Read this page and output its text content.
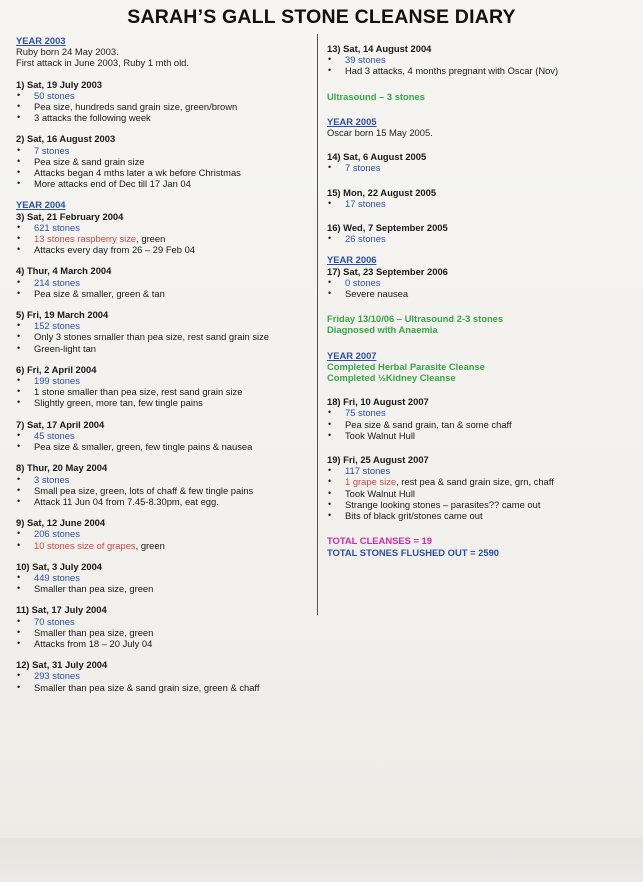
SARAH’S GALL STONE CLEANSE DIARY
YEAR 2003
Ruby born 24 May 2003.
First attack in June 2003, Ruby 1 mth old.
1) Sat, 19 July 2003
• 50 stones
• Pea size, hundreds sand grain size, green/brown
• 3 attacks the following week
2) Sat, 16 August 2003
• 7 stones
• Pea size & sand grain size
• Attacks began 4 mths later a wk before Christmas
• More attacks end of Dec till 17 Jan 04
YEAR 2004
3) Sat, 21 February 2004
• 621 stones
• 13 stones raspberry size, green
• Attacks every day from 26 – 29 Feb 04
4) Thur, 4 March 2004
• 214 stones
• Pea size & smaller, green & tan
5) Fri, 19 March 2004
• 152 stones
• Only 3 stones smaller than pea size, rest sand grain size
• Green-light tan
6) Fri, 2 April 2004
• 199 stones
• 1 stone smaller than pea size, rest sand grain size
• Slightly green, more tan, few tingle pains
7) Sat, 17 April 2004
• 45 stones
• Pea size & smaller, green, few tingle pains & nausea
8) Thur, 20 May 2004
• 3 stones
• Small pea size, green, lots of chaff & few tingle pains
• Attack 11 Jun 04 from 7.45-8.30pm, eat egg.
9) Sat, 12 June 2004
• 206 stones
• 10 stones size of grapes, green
10) Sat, 3 July 2004
• 449 stones
• Smaller than pea size, green
11) Sat, 17 July 2004
• 70 stones
• Smaller than pea size, green
• Attacks from 18 – 20 July 04
12) Sat, 31 July 2004
• 293 stones
• Smaller than pea size & sand grain size, green & chaff
13) Sat, 14 August 2004
• 39 stones
• Had 3 attacks, 4 months pregnant with Oscar (Nov)
Ultrasound – 3 stones
YEAR 2005
Oscar born 15 May 2005.
14) Sat, 6 August 2005
• 7 stones
15) Mon, 22 August 2005
• 17 stones
16) Wed, 7 September 2005
• 26 stones
YEAR 2006
17) Sat, 23 September 2006
• 0 stones
• Severe nausea
Friday 13/10/06 – Ultrasound 2-3 stones
Diagnosed with Anaemia
YEAR 2007
Completed Herbal Parasite Cleanse
Completed ½Kidney Cleanse
18) Fri, 10 August 2007
• 75 stones
• Pea size & sand grain, tan & some chaff
• Took Walnut Hull
19) Fri, 25 August 2007
• 117 stones
• 1 grape size, rest pea & sand grain size, grn, chaff
• Took Walnut Hull
• Strange looking stones – parasites?? came out
• Bits of black grit/stones came out
TOTAL CLEANSES = 19
TOTAL STONES FLUSHED OUT = 2590
